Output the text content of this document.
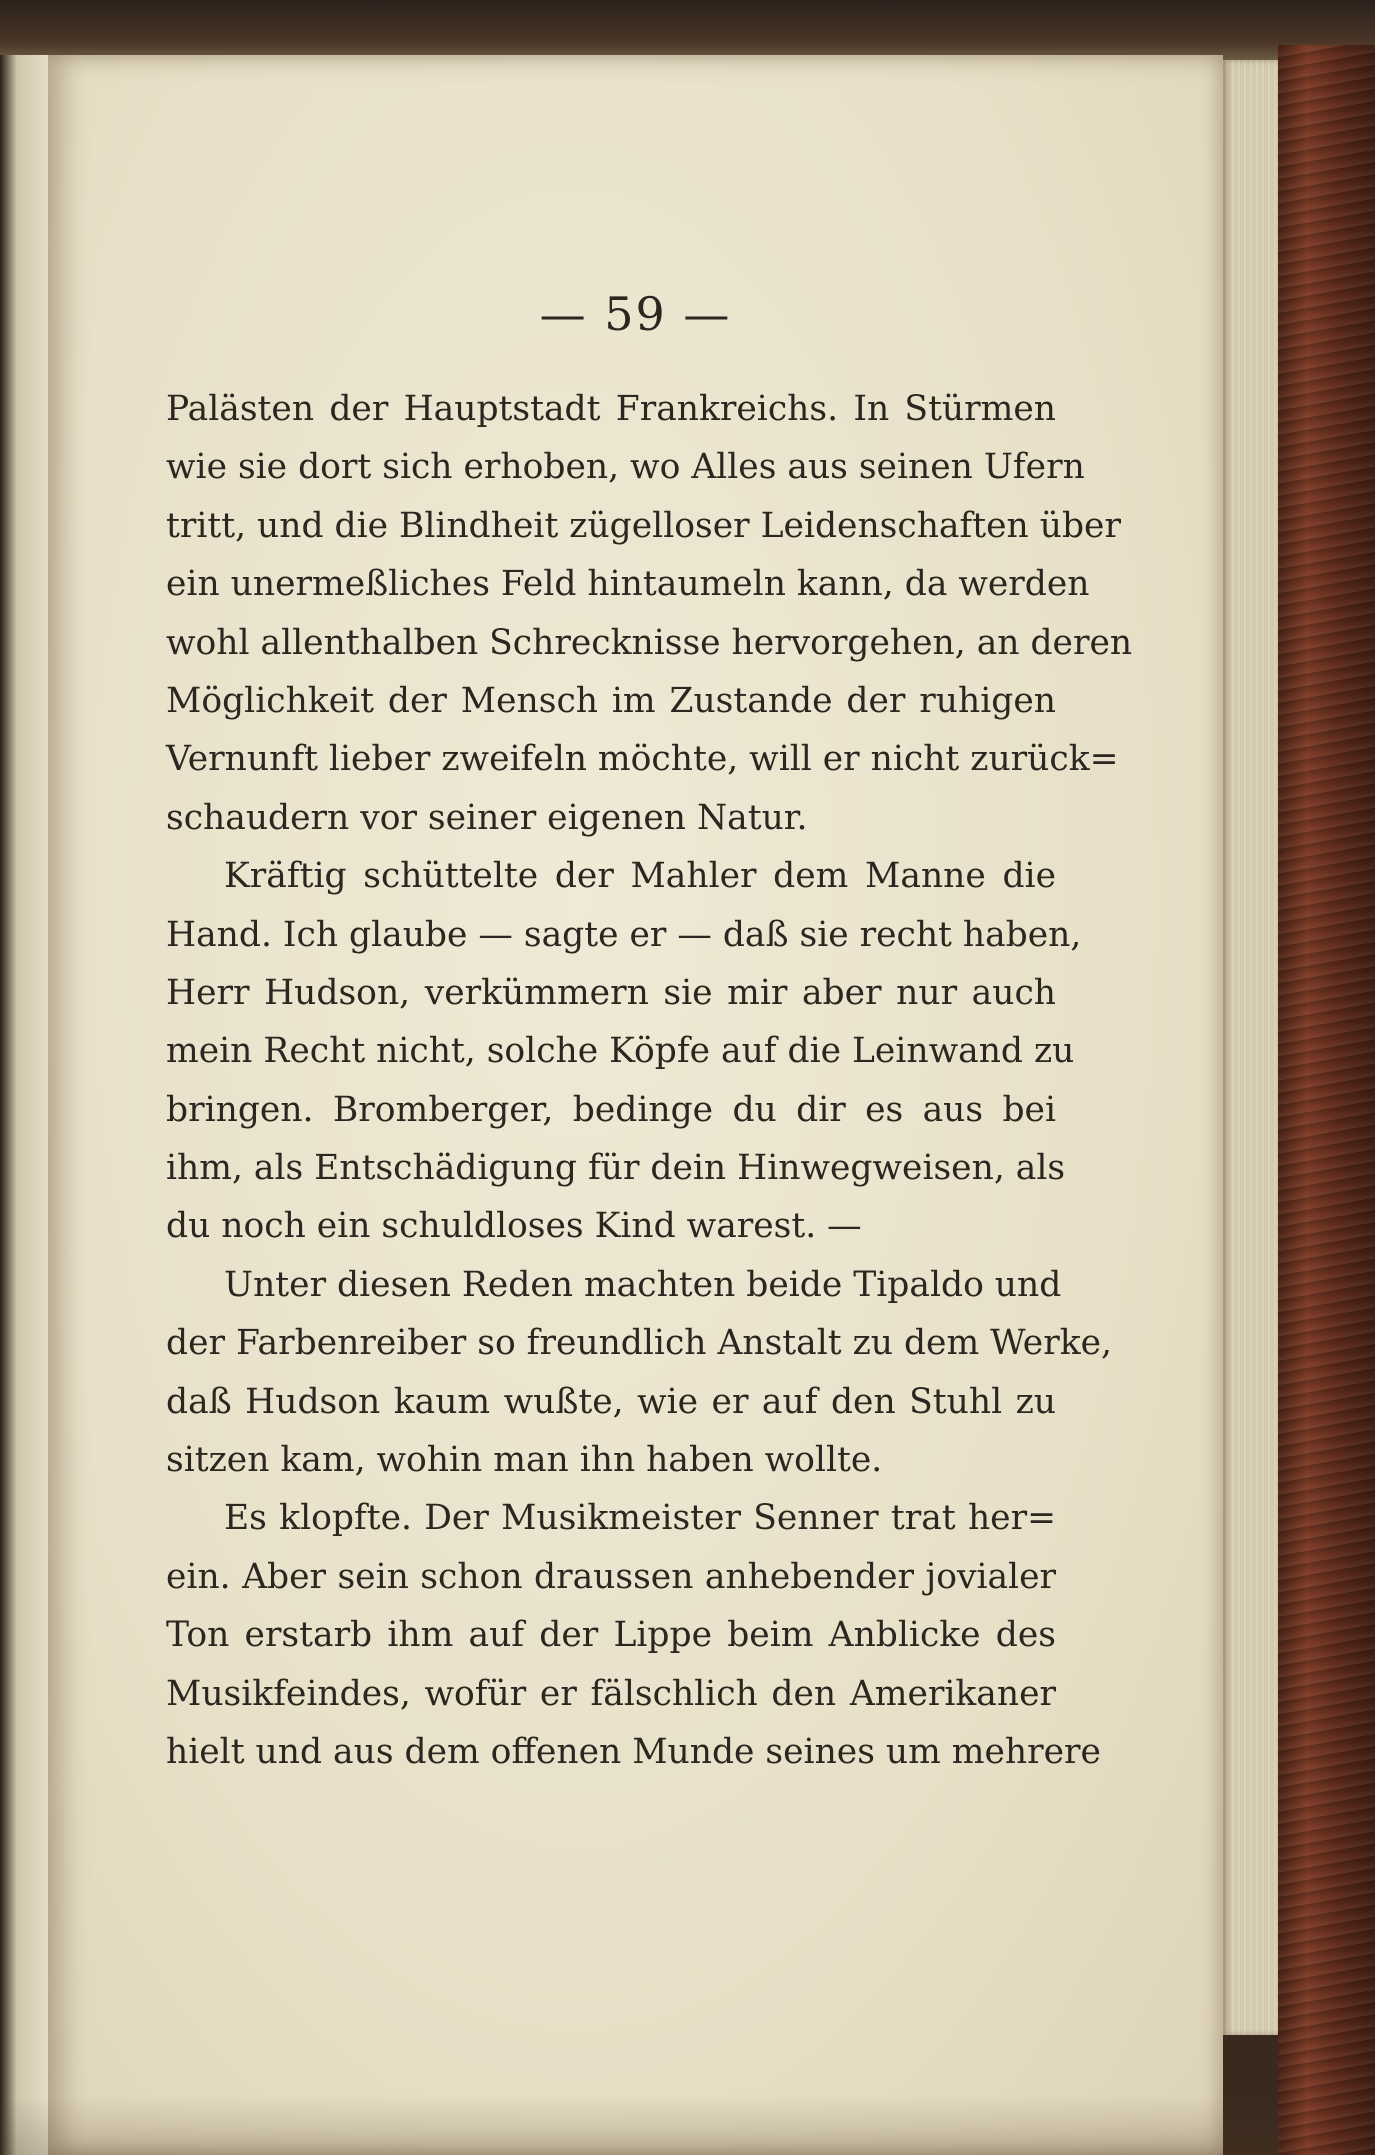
— 59 —
Palästen der Hauptstadt Frankreichs. In Stürmen
wie sie dort sich erhoben, wo Alles aus seinen Ufern
tritt, und die Blindheit zügelloser Leidenschaften über
ein unermeßliches Feld hintaumeln kann, da werden
wohl allenthalben Schrecknisse hervorgehen, an deren
Möglichkeit der Mensch im Zustande der ruhigen
Vernunft lieber zweifeln möchte, will er nicht zurück=
schaudern vor seiner eigenen Natur.
Kräftig schüttelte der Mahler dem Manne die
Hand. Ich glaube — sagte er — daß sie recht haben,
Herr Hudson, verkümmern sie mir aber nur auch
mein Recht nicht, solche Köpfe auf die Leinwand zu
bringen. Bromberger, bedinge du dir es aus bei
ihm, als Entschädigung für dein Hinwegweisen, als
du noch ein schuldloses Kind warest. —
Unter diesen Reden machten beide Tipaldo und
der Farbenreiber so freundlich Anstalt zu dem Werke,
daß Hudson kaum wußte, wie er auf den Stuhl zu
sitzen kam, wohin man ihn haben wollte.
Es klopfte. Der Musikmeister Senner trat her=
ein. Aber sein schon draussen anhebender jovialer
Ton erstarb ihm auf der Lippe beim Anblicke des
Musikfeindes, wofür er fälschlich den Amerikaner
hielt und aus dem offenen Munde seines um mehrere
